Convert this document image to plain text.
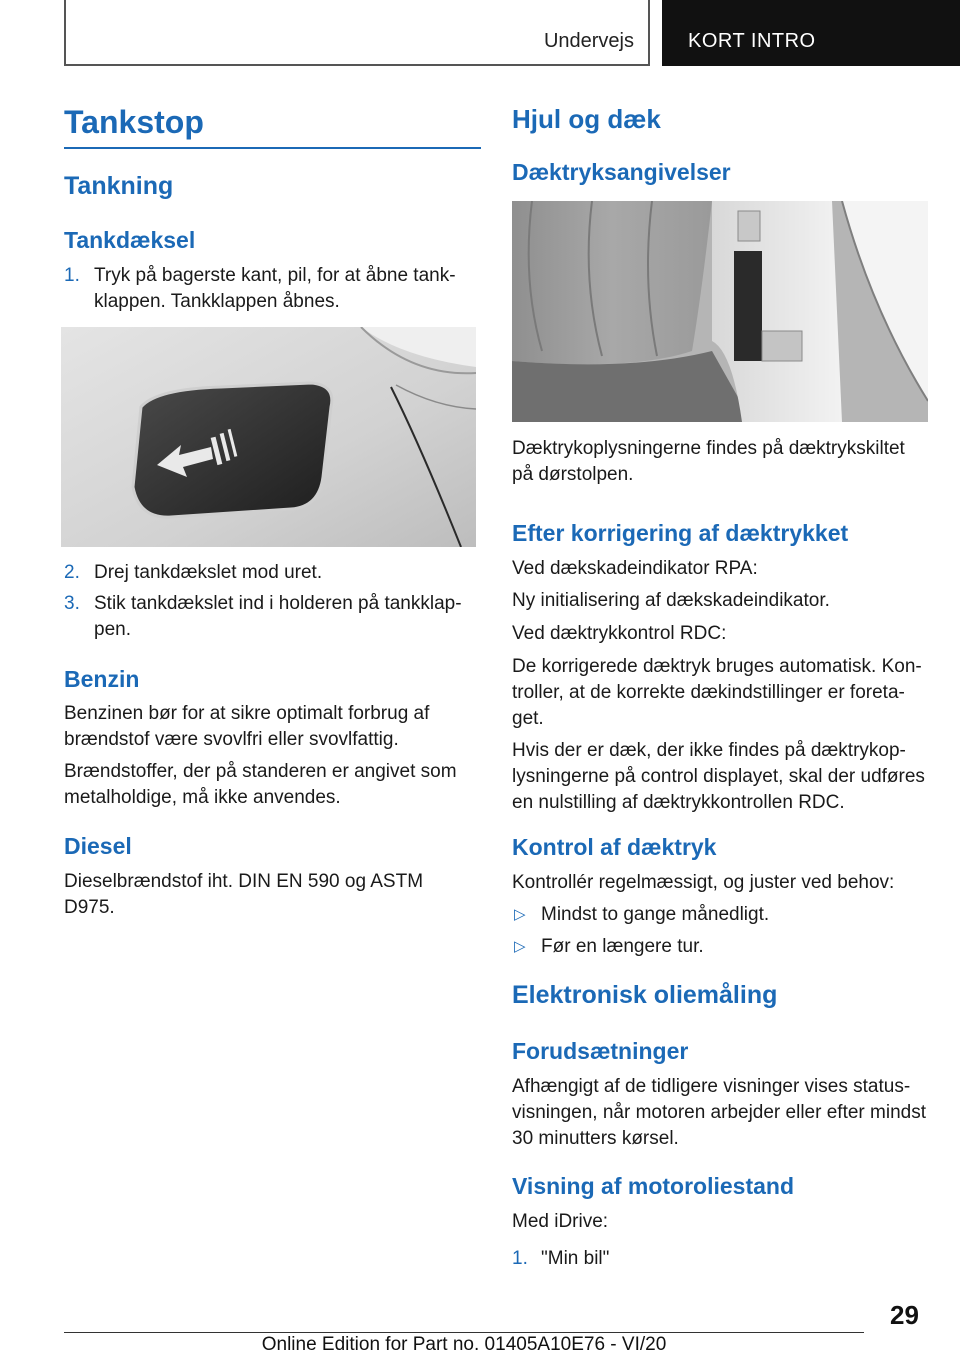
Undervejs	KORT INTRO
Tankstop
Tankning
Tankdæksel
1. Tryk på bagerste kant, pil, for at åbne tank‐
klappen. Tankklappen åbnes.
2. Drej tankdækslet mod uret.
3. Stik tankdækslet ind i holderen på tankklap‐
pen.
Benzin
Benzinen bør for at sikre optimalt forbrug af
brændstof være svovlfri eller svovlfattig.
Brændstoffer, der på standeren er angivet som
metalholdige, må ikke anvendes.
Diesel
Dieselbrændstof iht. DIN EN 590 og ASTM
D975.
Hjul og dæk
Dæktryksangivelser
Dæktrykoplysningerne findes på dæktrykskiltet
på dørstolpen.
Efter korrigering af dæktrykket
Ved dækskadeindikator RPA:
Ny initialisering af dækskadeindikator.
Ved dæktrykkontrol RDC:
De korrigerede dæktryk bruges automatisk. Kon‐
troller, at de korrekte dækindstillinger er foreta‐
get.
Hvis der er dæk, der ikke findes på dæktrykop‐
lysningerne på control displayet, skal der udføres
en nulstilling af dæktrykkontrollen RDC.
Kontrol af dæktryk
Kontrollér regelmæssigt, og juster ved behov:
▷ Mindst to gange månedligt.
▷ Før en længere tur.
Elektronisk oliemåling
Forudsætninger
Afhængigt af de tidligere visninger vises status‐
visningen, når motoren arbejder eller efter mindst
30 minutters kørsel.
Visning af motoroliestand
Med iDrive:
1. "Min bil"
29
Online Edition for Part no. 01405A10E76 - VI/20
